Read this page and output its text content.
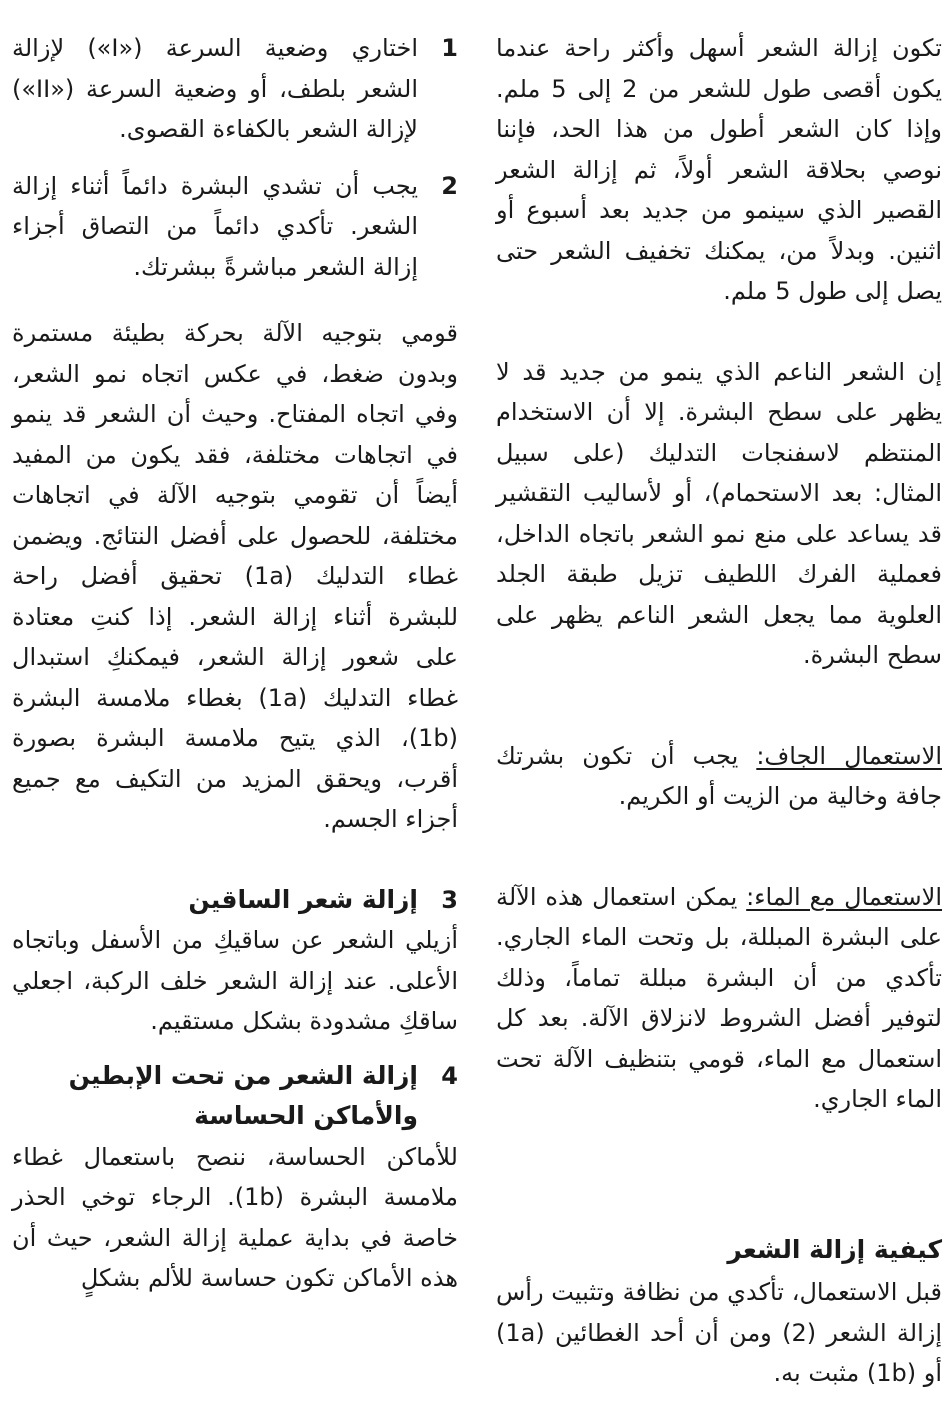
تكون إزالة الشعر أسهل وأكثر راحة عندما يكون أقصى طول للشعر من 2 إلى 5 ملم. وإذا كان الشعر أطول من هذا الحد، فإننا نوصي بحلاقة الشعر أولاً، ثم إزالة الشعر القصير الذي سينمو من جديد بعد أسبوع أو اثنين. وبدلاً من، يمكنك تخفيف الشعر حتى يصل إلى طول 5 ملم.

إن الشعر الناعم الذي ينمو من جديد قد لا يظهر على سطح البشرة. إلا أن الاستخدام المنتظم لاسفنجات التدليك (على سبيل المثال: بعد الاستحمام)، أو لأساليب التقشير قد يساعد على منع نمو الشعر باتجاه الداخل، فعملية الفرك اللطيف تزيل طبقة الجلد العلوية مما يجعل الشعر الناعم يظهر على سطح البشرة.

الاستعمال الجاف: يجب أن تكون بشرتك جافة وخالية من الزيت أو الكريم.

الاستعمال مع الماء: يمكن استعمال هذه الآلة على البشرة المبللة، بل وتحت الماء الجاري. تأكدي من أن البشرة مبللة تماماً، وذلك لتوفير أفضل الشروط لانزلاق الآلة. بعد كل استعمال مع الماء، قومي بتنظيف الآلة تحت الماء الجاري.

كيفية إزالة الشعر

قبل الاستعمال، تأكدي من نظافة وتثبيت رأس إزالة الشعر (2) ومن أن أحد الغطائين (1a) أو (1b) مثبت به.

1
اختاري وضعية السرعة («I») لإزالة الشعر بلطف، أو وضعية السرعة («II») لإزالة الشعر بالكفاءة القصوى.
2
يجب أن تشدي البشرة دائماً أثناء إزالة الشعر. تأكدي دائماً من التصاق أجزاء إزالة الشعر مباشرةً ببشرتك.

قومي بتوجيه الآلة بحركة بطيئة مستمرة وبدون ضغط، في عكس اتجاه نمو الشعر، وفي اتجاه المفتاح. وحيث أن الشعر قد ينمو في اتجاهات مختلفة، فقد يكون من المفيد أيضاً أن تقومي بتوجيه الآلة في اتجاهات مختلفة، للحصول على أفضل النتائج. ويضمن غطاء التدليك (1a) تحقيق أفضل راحة للبشرة أثناء إزالة الشعر. إذا كنتِ معتادة على شعور إزالة الشعر، فيمكنكِ استبدال غطاء التدليك (1a) بغطاء ملامسة البشرة (1b)، الذي يتيح ملامسة البشرة بصورة أقرب، ويحقق المزيد من التكيف مع جميع أجزاء الجسم.

3
إزالة شعر الساقين

أزيلي الشعر عن ساقيكِ من الأسفل وباتجاه الأعلى. عند إزالة الشعر خلف الركبة، اجعلي ساقكِ مشدودة بشكل مستقيم.

4
إزالة الشعر من تحت الإبطين والأماكن الحساسة

للأماكن الحساسة، ننصح باستعمال غطاء ملامسة البشرة (1b). الرجاء توخي الحذر خاصة في بداية عملية إزالة الشعر، حيث أن هذه الأماكن تكون حساسة للألم بشكلٍ
